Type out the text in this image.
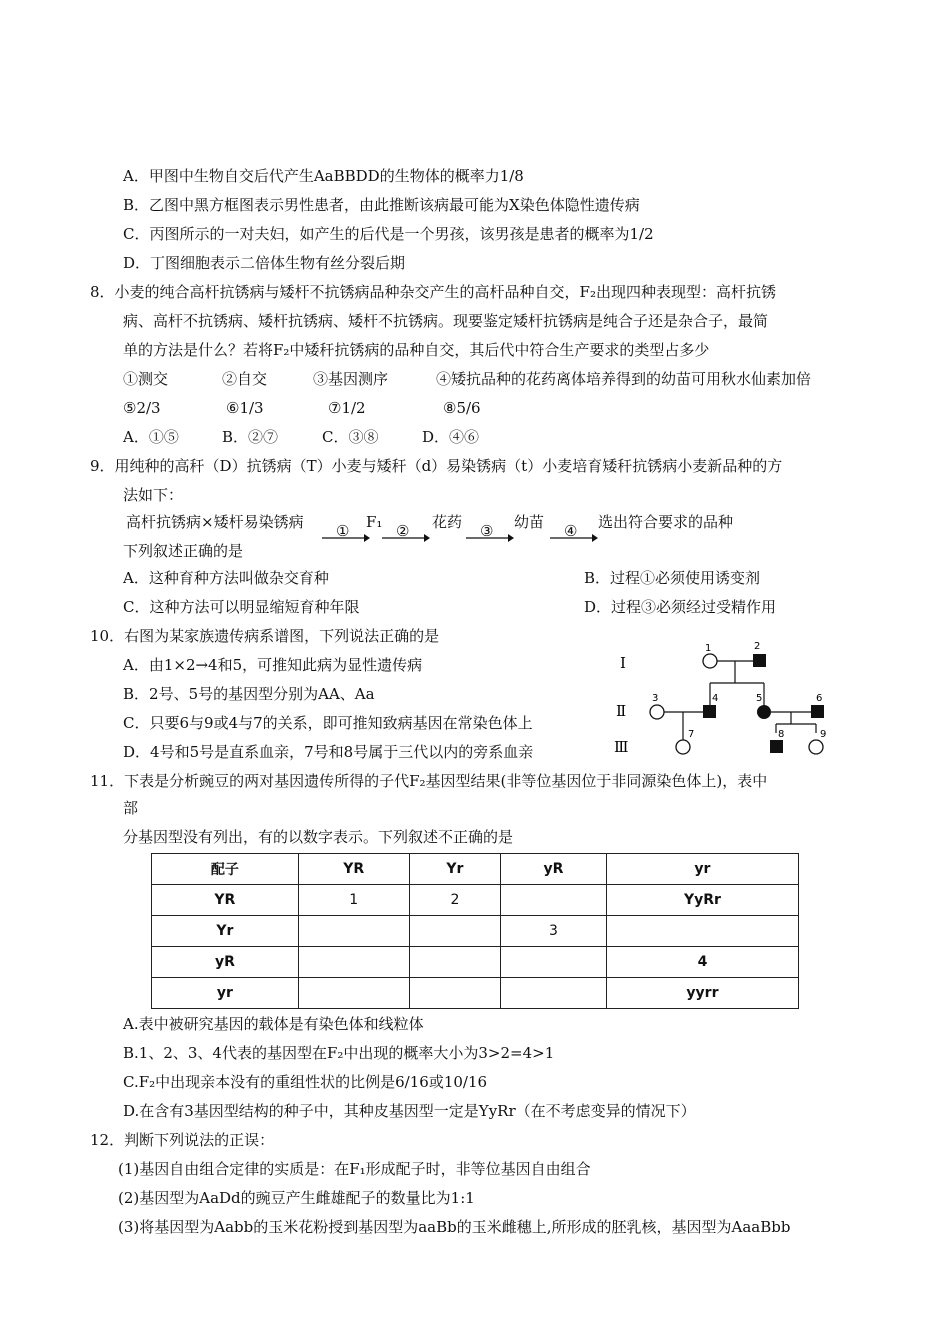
A．甲图中生物自交后代产生AaBBDD的生物体的概率力1/8
B．乙图中黑方框图表示男性患者，由此推断该病最可能为X染色体隐性遗传病
C．丙图所示的一对夫妇，如产生的后代是一个男孩，该男孩是患者的概率为1/2
D．丁图细胞表示二倍体生物有丝分裂后期
8．小麦的纯合高杆抗锈病与矮杆不抗锈病品种杂交产生的高杆品种自交，F₂出现四种表现型：高杆抗锈
病、高杆不抗锈病、矮杆抗锈病、矮杆不抗锈病。现要鉴定矮杆抗锈病是纯合子还是杂合子，最简
单的方法是什么？若将F₂中矮秆抗锈病的品种自交，其后代中符合生产要求的类型占多少
①测交	②自交	③基因测序	④矮抗品种的花药离体培养得到的幼苗可用秋水仙素加倍
⑤2/3	⑥1/3	⑦1/2	⑧5/6
A．①⑤	B．②⑦	C．③⑧	D．④⑥
9．用纯种的高秆（D）抗锈病（T）小麦与矮秆（d）易染锈病（t）小麦培育矮秆抗锈病小麦新品种的方
法如下：
高杆抗锈病×矮杆易染锈病 ① F₁ ② 花药 ③ 幼苗 ④ 选出符合要求的品种
下列叙述正确的是
A．这种育种方法叫做杂交育种	B．过程①必须使用诱变剂
C．这种方法可以明显缩短育种年限	D．过程③必须经过受精作用
10．右图为某家族遗传病系谱图，下列说法正确的是
A．由1×2→4和5，可推知此病为显性遗传病
B．2号、5号的基因型分别为AA、Aa
C．只要6与9或4与7的关系，即可推知致病基因在常染色体上
D．4号和5号是直系血亲，7号和8号属于三代以内的旁系血亲
Ⅰ
Ⅱ
Ⅲ
1	2
3	4	5	6
7	8	9
11．下表是分析豌豆的两对基因遗传所得的子代F₂基因型结果(非等位基因位于非同源染色体上)，表中
部
分基因型没有列出，有的以数字表示。下列叙述不正确的是
配子	YR	Yr	yR	yr
YR	1	2		YyRr
Yr			3	
yR				4
yr				yyrr
A.表中被研究基因的载体是有染色体和线粒体
B.1、2、3、4代表的基因型在F₂中出现的概率大小为3>2=4>1
C.F₂中出现亲本没有的重组性状的比例是6/16或10/16
D.在含有3基因型结构的种子中，其种皮基因型一定是YyRr（在不考虑变异的情况下）
12．判断下列说法的正误：
(1)基因自由组合定律的实质是：在F₁形成配子时，非等位基因自由组合
(2)基因型为AaDd的豌豆产生雌雄配子的数量比为1:1
(3)将基因型为Aabb的玉米花粉授到基因型为aaBb的玉米雌穗上,所形成的胚乳核，基因型为AaaBbb
